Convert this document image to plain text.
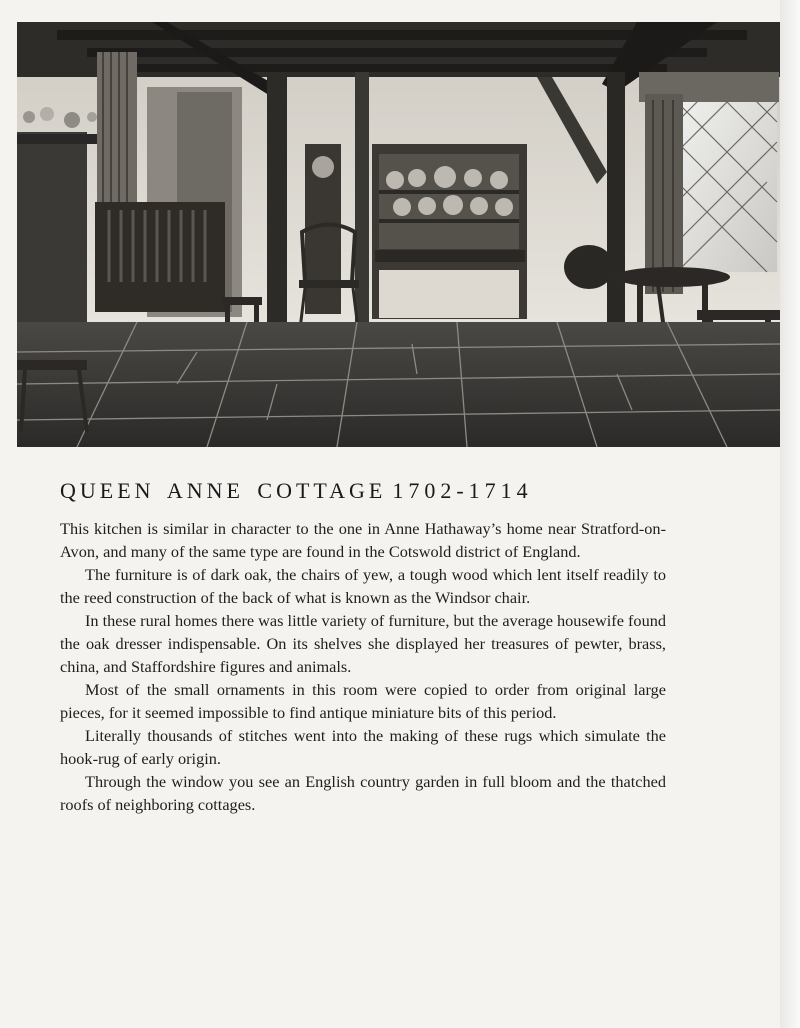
QUEEN ANNE COTTAGE 1702-1714

This kitchen is similar in character to the one in Anne Hathaway’s home near Stratford-on-Avon, and many of the same type are found in the Cotswold district of England.

The furniture is of dark oak, the chairs of yew, a tough wood which lent itself readily to the reed construction of the back of what is known as the Windsor chair.

In these rural homes there was little variety of furniture, but the average housewife found the oak dresser indispensable. On its shelves she displayed her treasures of pewter, brass, china, and Staffordshire figures and animals.

Most of the small ornaments in this room were copied to order from original large pieces, for it seemed impossible to find antique miniature bits of this period.

Literally thousands of stitches went into the making of these rugs which simulate the hook-rug of early origin.

Through the window you see an English country garden in full bloom and the thatched roofs of neighboring cottages.
